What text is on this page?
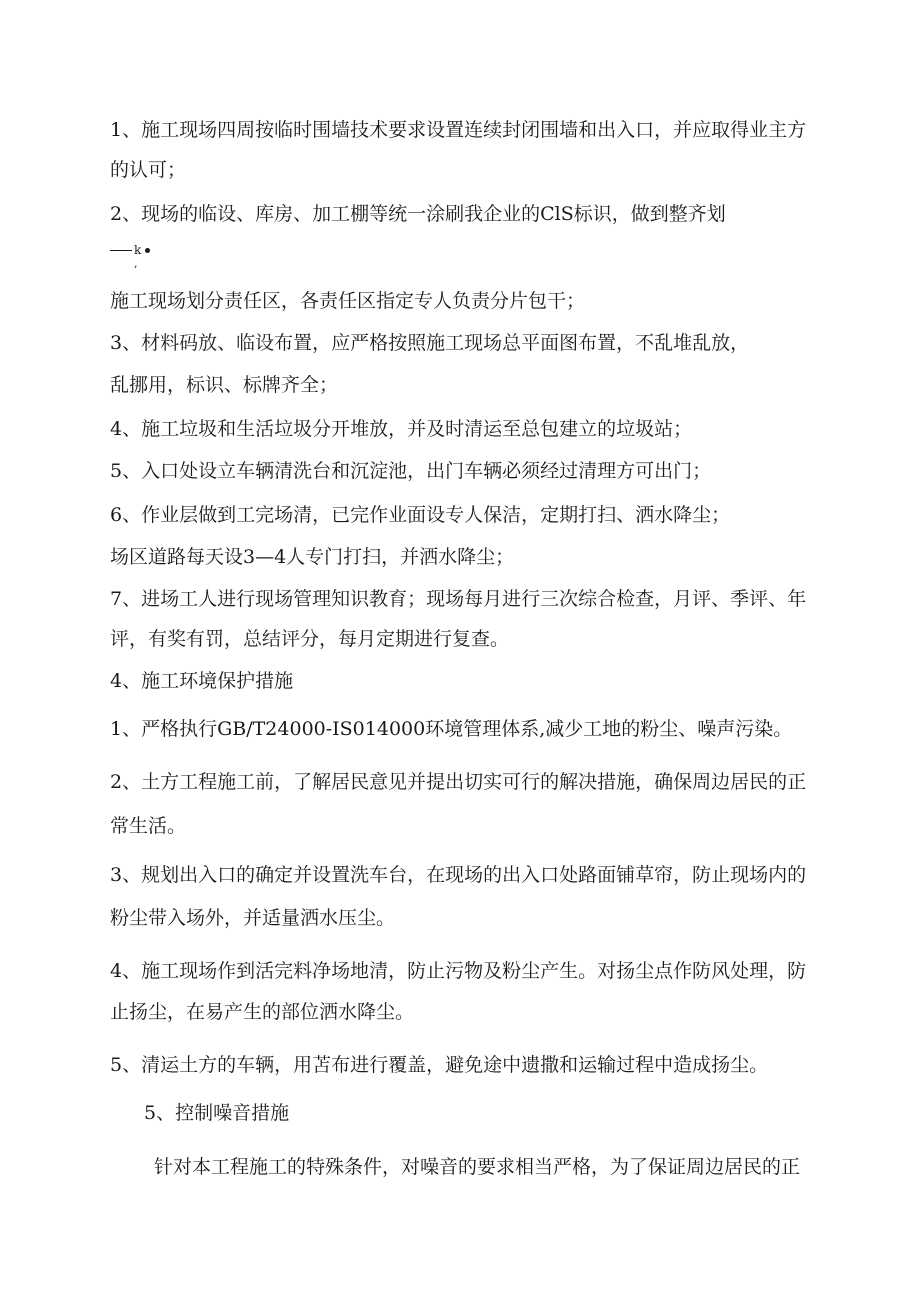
1、施工现场四周按临时围墙技术要求设置连续封闭围墙和出入口，并应取得业主方
的认可；
2、现场的临设、库房、加工棚等统一涂刷我企业的ClS标识，做到整齐划
k
,
施工现场划分责任区，各责任区指定专人负责分片包干；
3、材料码放、临设布置，应严格按照施工现场总平面图布置，不乱堆乱放，
乱挪用，标识、标牌齐全；
4、施工垃圾和生活垃圾分开堆放，并及时清运至总包建立的垃圾站；
5、入口处设立车辆清洗台和沉淀池，出门车辆必须经过清理方可出门；
6、作业层做到工完场清，已完作业面设专人保洁，定期打扫、洒水降尘；
场区道路每天设3—4人专门打扫，并洒水降尘；
7、进场工人进行现场管理知识教育；现场每月进行三次综合检查，月评、季评、年
评，有奖有罚，总结评分，每月定期进行复查。
4、施工环境保护措施
1、严格执行GB/T24000-IS014000环境管理体系,减少工地的粉尘、噪声污染。
2、土方工程施工前，了解居民意见并提出切实可行的解决措施，确保周边居民的正
常生活。
3、规划出入口的确定并设置洗车台，在现场的出入口处路面铺草帘，防止现场内的
粉尘带入场外，并适量洒水压尘。
4、施工现场作到活完料净场地清，防止污物及粉尘产生。对扬尘点作防风处理，防
止扬尘，在易产生的部位洒水降尘。
5、清运土方的车辆，用苫布进行覆盖，避免途中遗撒和运输过程中造成扬尘。
5、控制噪音措施
针对本工程施工的特殊条件，对噪音的要求相当严格，为了保证周边居民的正
